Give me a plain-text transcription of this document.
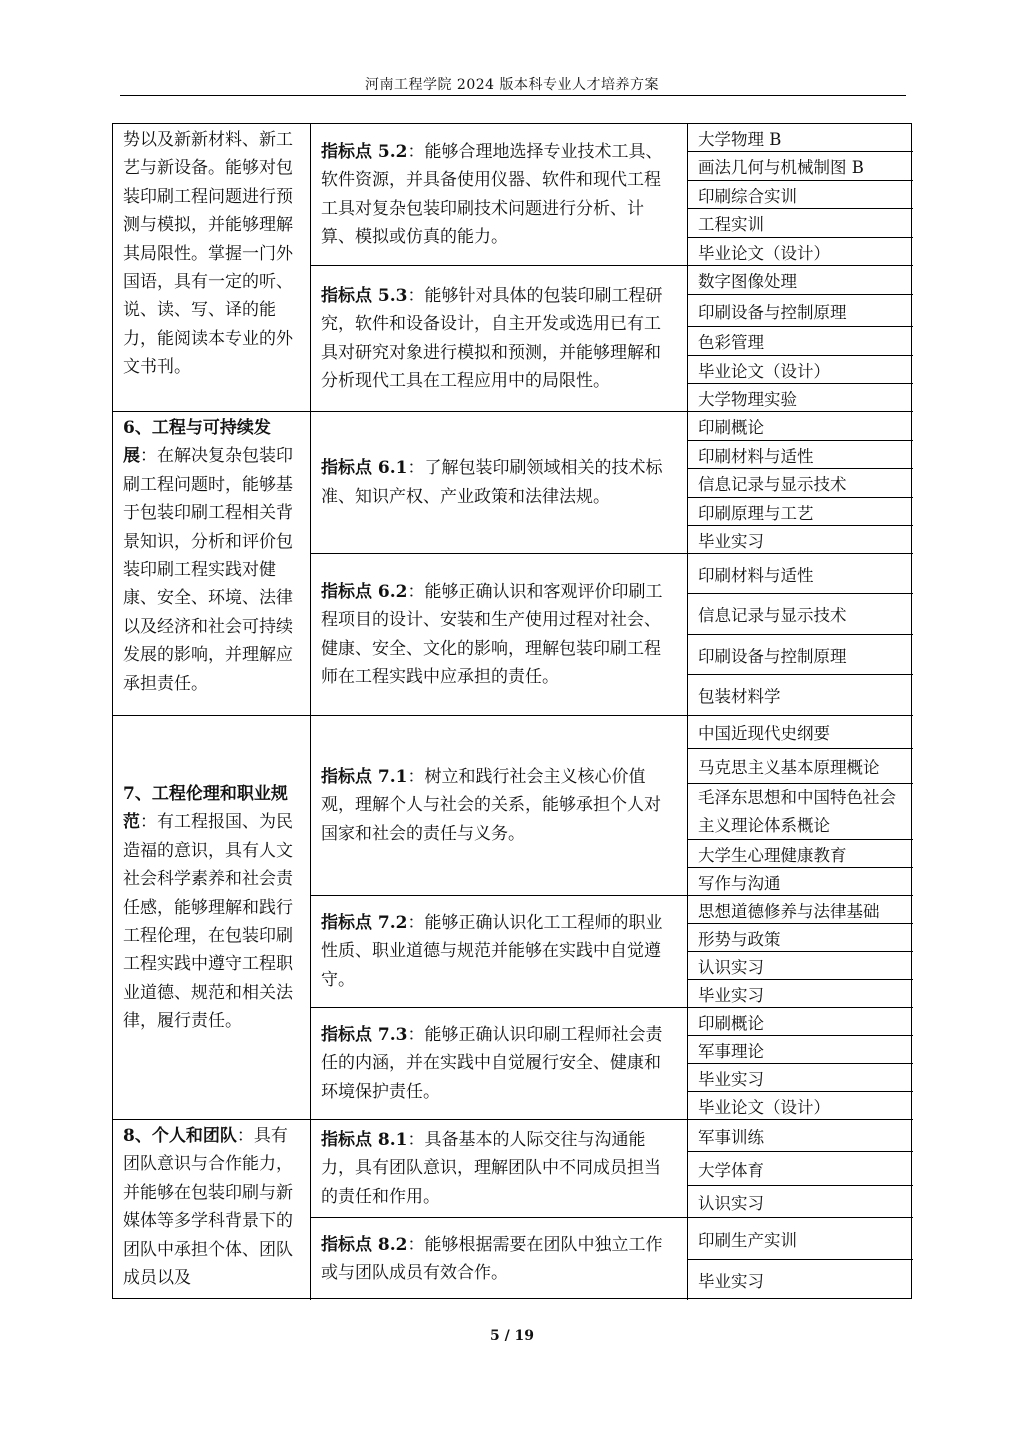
河南工程学院 2024 版本科专业人才培养方案
势以及新新材料、新工艺与新设备。能够对包装印刷工程问题进行预测与模拟，并能够理解其局限性。掌握一门外国语，具有一定的听、说、读、写、译的能力，能阅读本专业的外文书刊。
6、工程与可持续发展：在解决复杂包装印刷工程问题时，能够基于包装印刷工程相关背景知识，分析和评价包装印刷工程实践对健康、安全、环境、法律以及经济和社会可持续发展的影响，并理解应承担责任。
7、工程伦理和职业规范：有工程报国、为民造福的意识，具有人文社会科学素养和社会责任感，能够理解和践行工程伦理，在包装印刷工程实践中遵守工程职业道德、规范和相关法律，履行责任。
8、个人和团队：具有团队意识与合作能力，并能够在包装印刷与新媒体等多学科背景下的团队中承担个体、团队成员以及
指标点 5.2：能够合理地选择专业技术工具、软件资源，并具备使用仪器、软件和现代工程工具对复杂包装印刷技术问题进行分析、计算、模拟或仿真的能力。
指标点 5.3：能够针对具体的包装印刷工程研究，软件和设备设计，自主开发或选用已有工具对研究对象进行模拟和预测，并能够理解和分析现代工具在工程应用中的局限性。
指标点 6.1：了解包装印刷领域相关的技术标准、知识产权、产业政策和法律法规。
指标点 6.2：能够正确认识和客观评价印刷工程项目的设计、安装和生产使用过程对社会、健康、安全、文化的影响，理解包装印刷工程师在工程实践中应承担的责任。
指标点 7.1：树立和践行社会主义核心价值观，理解个人与社会的关系，能够承担个人对国家和社会的责任与义务。
指标点 7.2：能够正确认识化工工程师的职业性质、职业道德与规范并能够在实践中自觉遵守。
指标点 7.3：能够正确认识印刷工程师社会责任的内涵，并在实践中自觉履行安全、健康和环境保护责任。
指标点 8.1：具备基本的人际交往与沟通能力，具有团队意识，理解团队中不同成员担当的责任和作用。
指标点 8.2：能够根据需要在团队中独立工作或与团队成员有效合作。
大学物理 B
画法几何与机械制图 B
印刷综合实训
工程实训
毕业论文（设计）
数字图像处理
印刷设备与控制原理
色彩管理
毕业论文（设计）
大学物理实验
印刷概论
印刷材料与适性
信息记录与显示技术
印刷原理与工艺
毕业实习
印刷材料与适性
信息记录与显示技术
印刷设备与控制原理
包装材料学
中国近现代史纲要
马克思主义基本原理概论
毛泽东思想和中国特色社会主义理论体系概论
大学生心理健康教育
写作与沟通
思想道德修养与法律基础
形势与政策
认识实习
毕业实习
印刷概论
军事理论
毕业实习
毕业论文（设计）
军事训练
大学体育
认识实习
印刷生产实训
毕业实习
5 / 19
